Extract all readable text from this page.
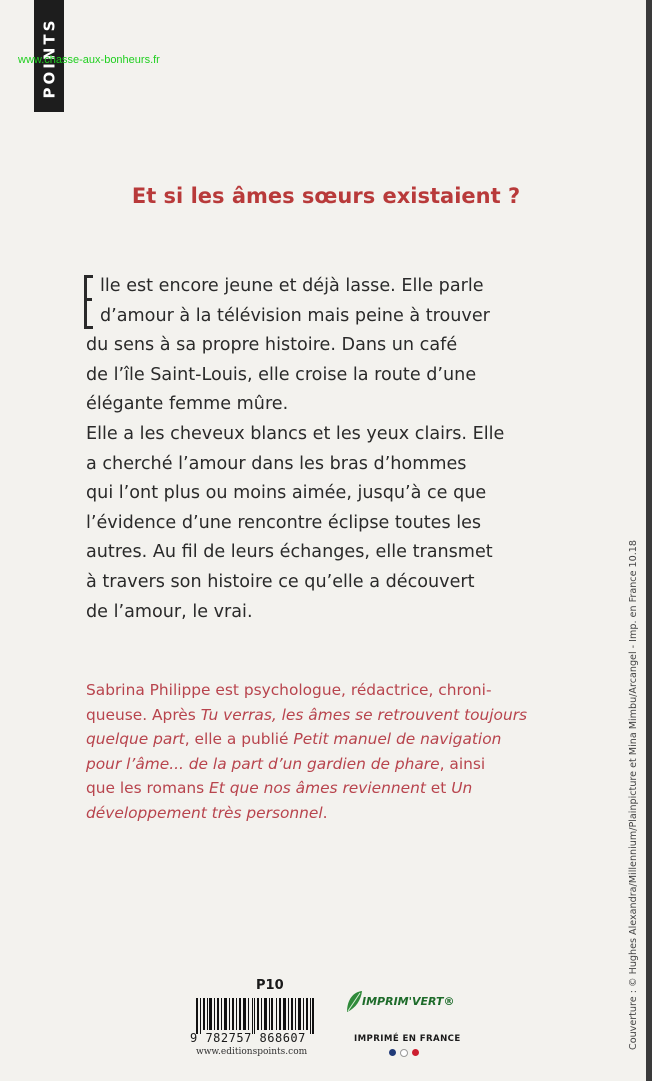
POINTS
www.chasse-aux-bonheurs.fr
Et si les âmes sœurs existaient ?

lle est encore jeune et déjà lasse. Elle parle

d’amour à la télévision mais peine à trouver

du sens à sa propre histoire. Dans un café

de l’île Saint-Louis, elle croise la route d’une

élégante femme mûre.

Elle a les cheveux blancs et les yeux clairs. Elle

a cherché l’amour dans les bras d’hommes

qui l’ont plus ou moins aimée, jusqu’à ce que

l’évidence d’une rencontre éclipse toutes les

autres. Au fil de leurs échanges, elle transmet

à travers son histoire ce qu’elle a découvert

de l’amour, le vrai.

Sabrina Philippe est psychologue, rédactrice, chroni-

queuse. Après Tu verras, les âmes se retrouvent toujours

quelque part, elle a publié Petit manuel de navigation

pour l’âme... de la part d’un gardien de phare, ainsi

que les romans Et que nos âmes reviennent et Un

développement très personnel.	Couverture : © Hughes Alexandra/Millennium/Plainpicture et Mina Mimbu/Arcangel - Imp. en France 10.18
P10
9 782757 868607
www.editionspoints.com
IMPRIM'VERT®
IMPRIMÉ EN FRANCE
